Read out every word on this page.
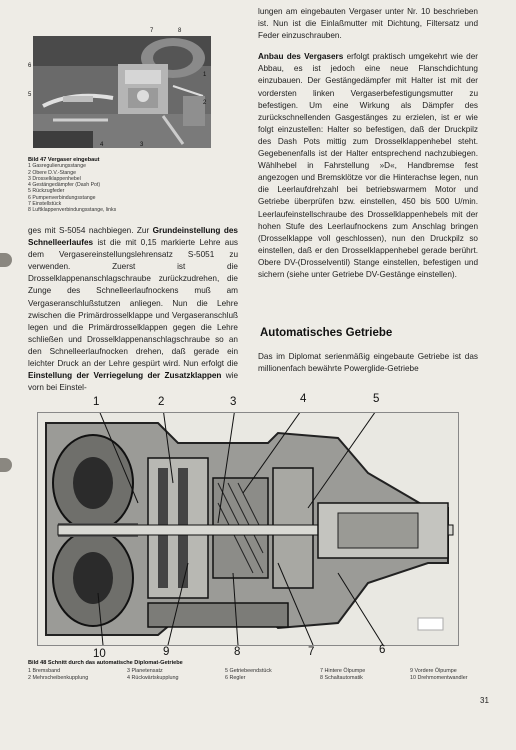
7	8
6
1
5
2
4	3
Bild 47 Vergaser eingebaut
1 Gasregulierungsstange
2 Obere D.V.-Stange
3 Drosselklappenhebel
4 Gestängedämpfer (Dash Pot)
5 Rückzugfeder
6 Pumpenverbindungsstange
7 Einstellstück
8 Luftklappenverbindungsstange, links
ges mit S-5054 nachbiegen. Zur Grundeinstellung des Schnelleerlaufes ist die mit 0,15 markierte Lehre aus dem Vergasereinstellungslehrensatz S-5051 zu verwenden. Zuerst ist die Drosselklappenanschlagschraube zurückzudrehen, die Zunge des Schnelleerlaufnockens muß am Vergaseranschlußstutzen anliegen. Nun die Lehre zwischen die Primärdrosselklappe und Vergaseranschluß legen und die Primärdrosselklappen gegen die Lehre schließen und Drosselklappenanschlagschraube so an den Schnelleerlaufnocken drehen, daß gerade ein leichter Druck an der Lehre gespürt wird. Nun erfolgt die Einstellung der Verriegelung der Zusatzklappen wie vorn bei Einstel-
lungen am eingebauten Vergaser unter Nr. 10 beschrieben ist. Nun ist die Einlaßmutter mit Dichtung, Filtersatz und Feder einzuschrauben.
Anbau des Vergasers erfolgt praktisch umgekehrt wie der Abbau, es ist jedoch eine neue Flanschdichtung einzubauen. Der Gestängedämpfer mit Halter ist mit der vordersten linken Vergaserbefestigungsmutter zu befestigen. Um eine Wirkung als Dämpfer des zurückschnellenden Gasgestänges zu erzielen, ist er wie folgt einzustellen: Halter so befestigen, daß der Druckpilz des Dash Pots mittig zum Drosselklappenhebel steht. Gegebenenfalls ist der Halter entsprechend nachzubiegen. Wählhebel in Fahrstellung »D«, Handbremse fest angezogen und Bremsklötze vor die Hinterachse legen, nun die Leerlaufdrehzahl bei betriebswarmem Motor und Getriebe überprüfen bzw. einstellen, 450 bis 500 U/min. Leerlaufeinstellschraube des Drosselklappenhebels mit der hohen Stufe des Leerlaufnockens zum Anschlag bringen (Drosselklappe voll geschlossen), nun den Druckpilz so einstellen, daß er den Drosselklappenhebel gerade berührt. Obere DV-(Drosselventil) Stange einstellen, befestigen und sichern (siehe unter Getriebe DV-Gestänge einstellen).
Automatisches Getriebe
Das im Diplomat serienmäßig eingebaute Getriebe ist das millionenfach bewährte Powerglide-Getriebe
1	2	3	4	5
10	9	8	7	6
Bild 48 Schnitt durch das automatische Diplomat-Getriebe
1 Bremsband
2 Mehrscheibenkupplung
3 Planetensatz
4 Rückwärtskupplung
5 Getriebeendstück
6 Regler
7 Hintere Ölpumpe
8 Schaltautomatik
9 Vordere Ölpumpe
10 Drehmomentwandler
31
